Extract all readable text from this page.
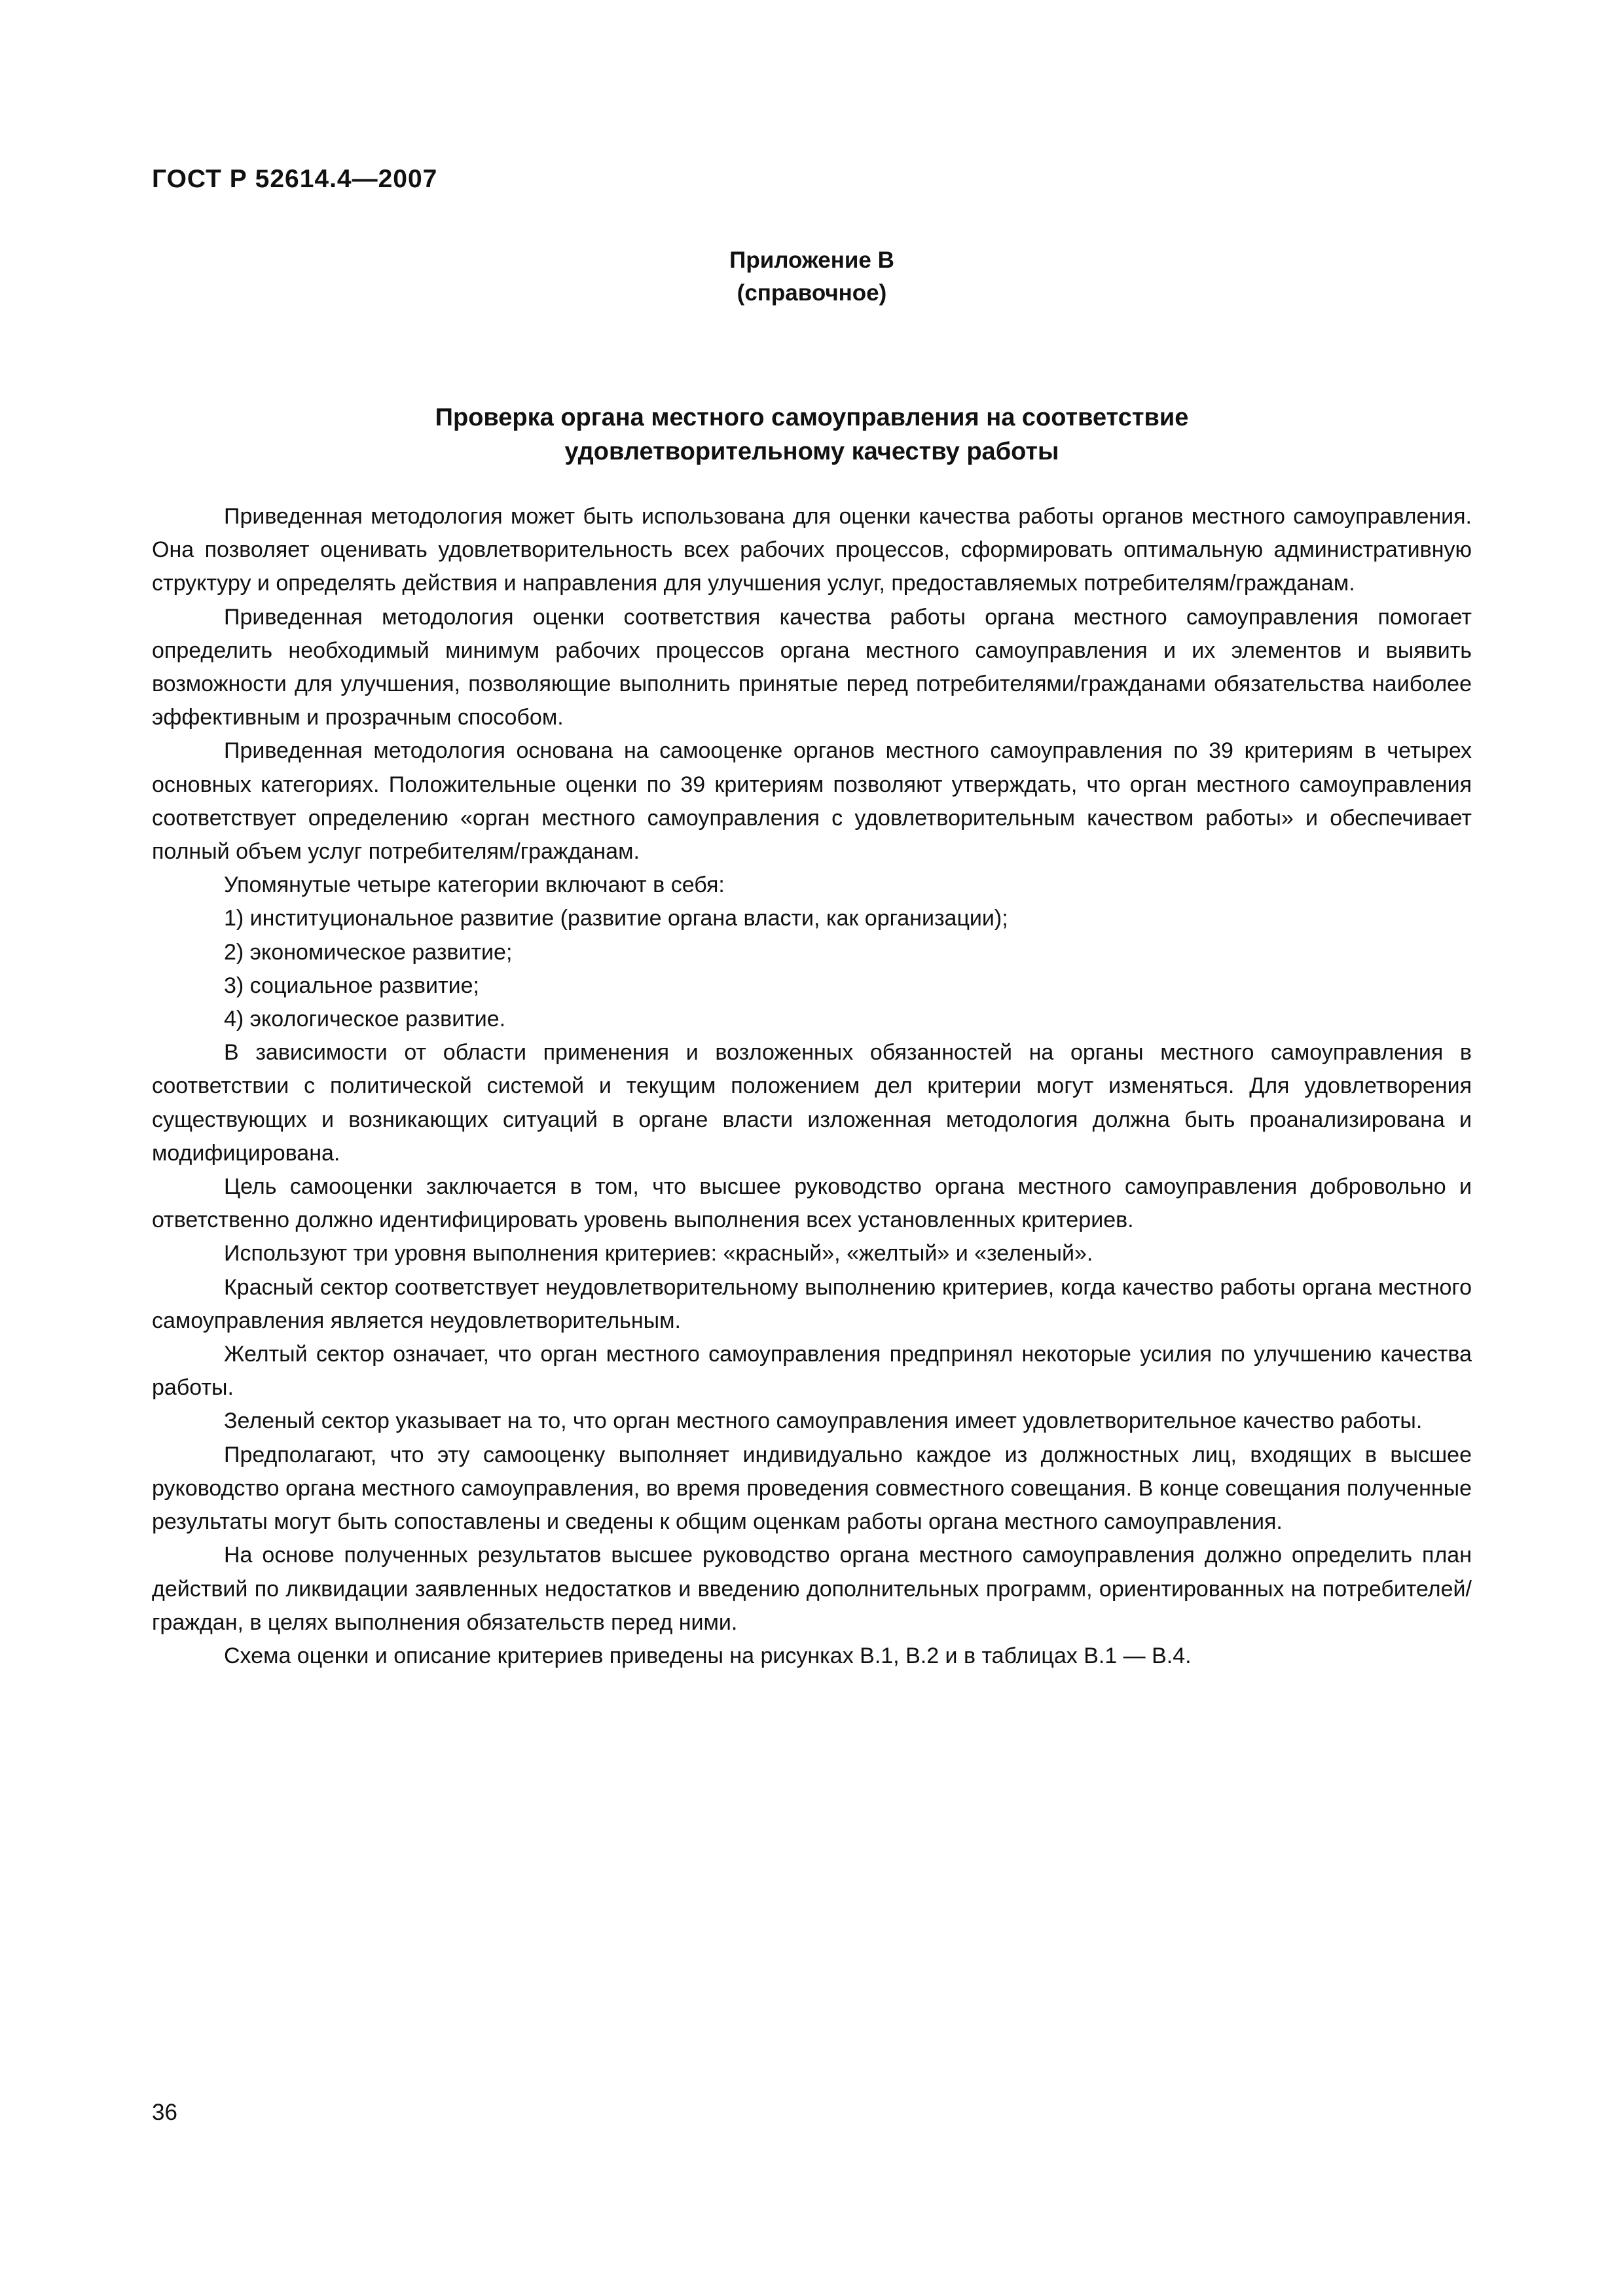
ГОСТ Р 52614.4—2007

Приложение В
(справочное)
Проверка органа местного самоуправления на соответствие
удовлетворительному качеству работы

Приведенная методология может быть использована для оценки качества работы органов местного самоуправления. Она позволяет оценивать удовлетворительность всех рабочих процессов, сформировать оптимальную административную структуру и определять действия и направления для улучшения услуг, предоставляемых потребителям/гражданам.

Приведенная методология оценки соответствия качества работы органа местного самоуправления помогает определить необходимый минимум рабочих процессов органа местного самоуправления и их элементов и выявить возможности для улучшения, позволяющие выполнить принятые перед потребителями/гражданами обязательства наиболее эффективным и прозрачным способом.

Приведенная методология основана на самооценке органов местного самоуправления по 39 критериям в четырех основных категориях. Положительные оценки по 39 критериям позволяют утверждать, что орган местного самоуправления соответствует определению «орган местного самоуправления с удовлетворительным качеством работы» и обеспечивает полный объем услуг потребителям/гражданам.

Упомянутые четыре категории включают в себя:

1) институциональное развитие (развитие органа власти, как организации);

2) экономическое развитие;

3) социальное развитие;

4) экологическое развитие.

В зависимости от области применения и возложенных обязанностей на органы местного самоуправления в соответствии с политической системой и текущим положением дел критерии могут изменяться. Для удовлетворения существующих и возникающих ситуаций в органе власти изложенная методология должна быть проанализирована и модифицирована.

Цель самооценки заключается в том, что высшее руководство органа местного самоуправления добровольно и ответственно должно идентифицировать уровень выполнения всех установленных критериев.

Используют три уровня выполнения критериев: «красный», «желтый» и «зеленый».

Красный сектор соответствует неудовлетворительному выполнению критериев, когда качество работы органа местного самоуправления является неудовлетворительным.

Желтый сектор означает, что орган местного самоуправления предпринял некоторые усилия по улучшению качества работы.

Зеленый сектор указывает на то, что орган местного самоуправления имеет удовлетворительное качество работы.

Предполагают, что эту самооценку выполняет индивидуально каждое из должностных лиц, входящих в высшее руководство органа местного самоуправления, во время проведения совместного совещания. В конце совещания полученные результаты могут быть сопоставлены и сведены к общим оценкам работы органа местного самоуправления.

На основе полученных результатов высшее руководство органа местного самоуправления должно определить план действий по ликвидации заявленных недостатков и введению дополнительных программ, ориентированных на потребителей/граждан, в целях выполнения обязательств перед ними.

Схема оценки и описание критериев приведены на рисунках В.1, В.2 и в таблицах В.1 — В.4.

36
